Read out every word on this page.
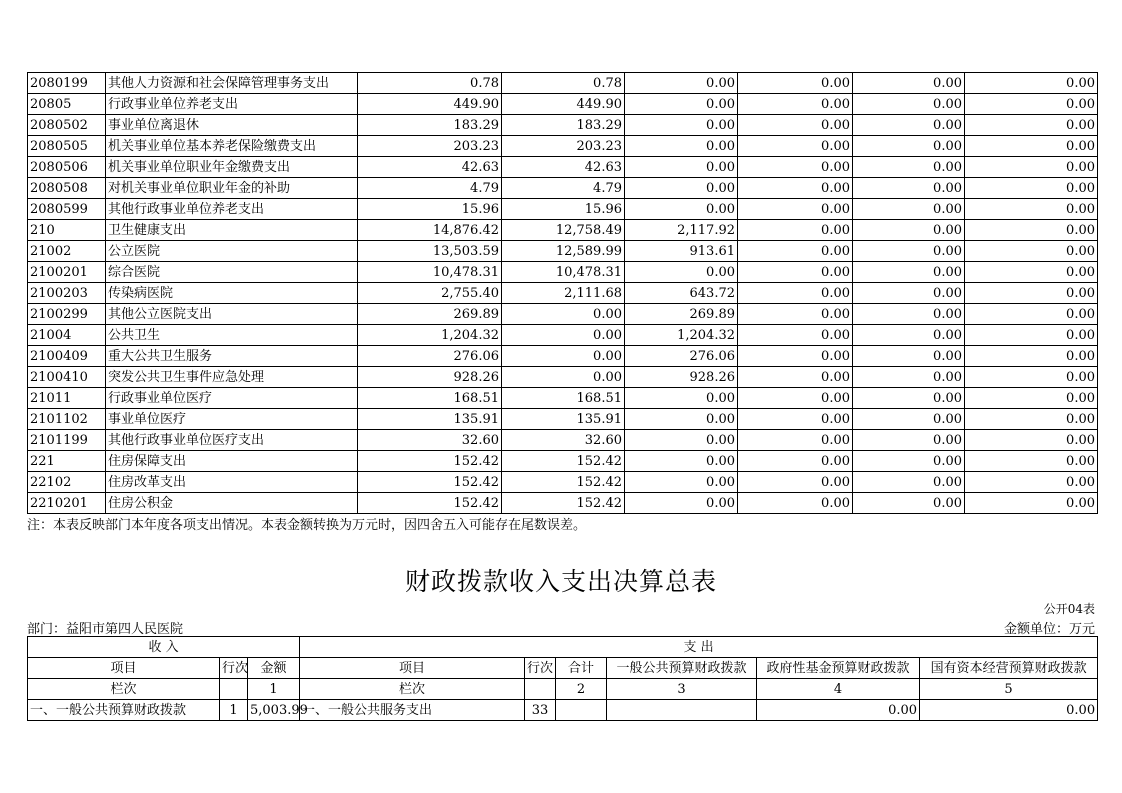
2080199	其他人力资源和社会保障管理事务支出	0.78	0.78	0.00	0.00	0.00	0.00
20805	行政事业单位养老支出	449.90	449.90	0.00	0.00	0.00	0.00
2080502	事业单位离退休	183.29	183.29	0.00	0.00	0.00	0.00
2080505	机关事业单位基本养老保险缴费支出	203.23	203.23	0.00	0.00	0.00	0.00
2080506	机关事业单位职业年金缴费支出	42.63	42.63	0.00	0.00	0.00	0.00
2080508	对机关事业单位职业年金的补助	4.79	4.79	0.00	0.00	0.00	0.00
2080599	其他行政事业单位养老支出	15.96	15.96	0.00	0.00	0.00	0.00
210	卫生健康支出	14,876.42	12,758.49	2,117.92	0.00	0.00	0.00
21002	公立医院	13,503.59	12,589.99	913.61	0.00	0.00	0.00
2100201	综合医院	10,478.31	10,478.31	0.00	0.00	0.00	0.00
2100203	传染病医院	2,755.40	2,111.68	643.72	0.00	0.00	0.00
2100299	其他公立医院支出	269.89	0.00	269.89	0.00	0.00	0.00
21004	公共卫生	1,204.32	0.00	1,204.32	0.00	0.00	0.00
2100409	重大公共卫生服务	276.06	0.00	276.06	0.00	0.00	0.00
2100410	突发公共卫生事件应急处理	928.26	0.00	928.26	0.00	0.00	0.00
21011	行政事业单位医疗	168.51	168.51	0.00	0.00	0.00	0.00
2101102	事业单位医疗	135.91	135.91	0.00	0.00	0.00	0.00
2101199	其他行政事业单位医疗支出	32.60	32.60	0.00	0.00	0.00	0.00
221	住房保障支出	152.42	152.42	0.00	0.00	0.00	0.00
22102	住房改革支出	152.42	152.42	0.00	0.00	0.00	0.00
2210201	住房公积金	152.42	152.42	0.00	0.00	0.00	0.00
注：本表反映部门本年度各项支出情况。本表金额转换为万元时，因四舍五入可能存在尾数误差。
财政拨款收入支出决算总表
公开04表
部门：益阳市第四人民医院	金额单位：万元
收 入			支 出					
项目	行次	金额	项目	行次	合计	一般公共预算财政拨款	政府性基金预算财政拨款	国有资本经营预算财政拨款
栏次		1	栏次		2	3	4	5
一、一般公共预算财政拨款	1	5,003.99	一、一般公共服务支出	33			0.00	0.00
